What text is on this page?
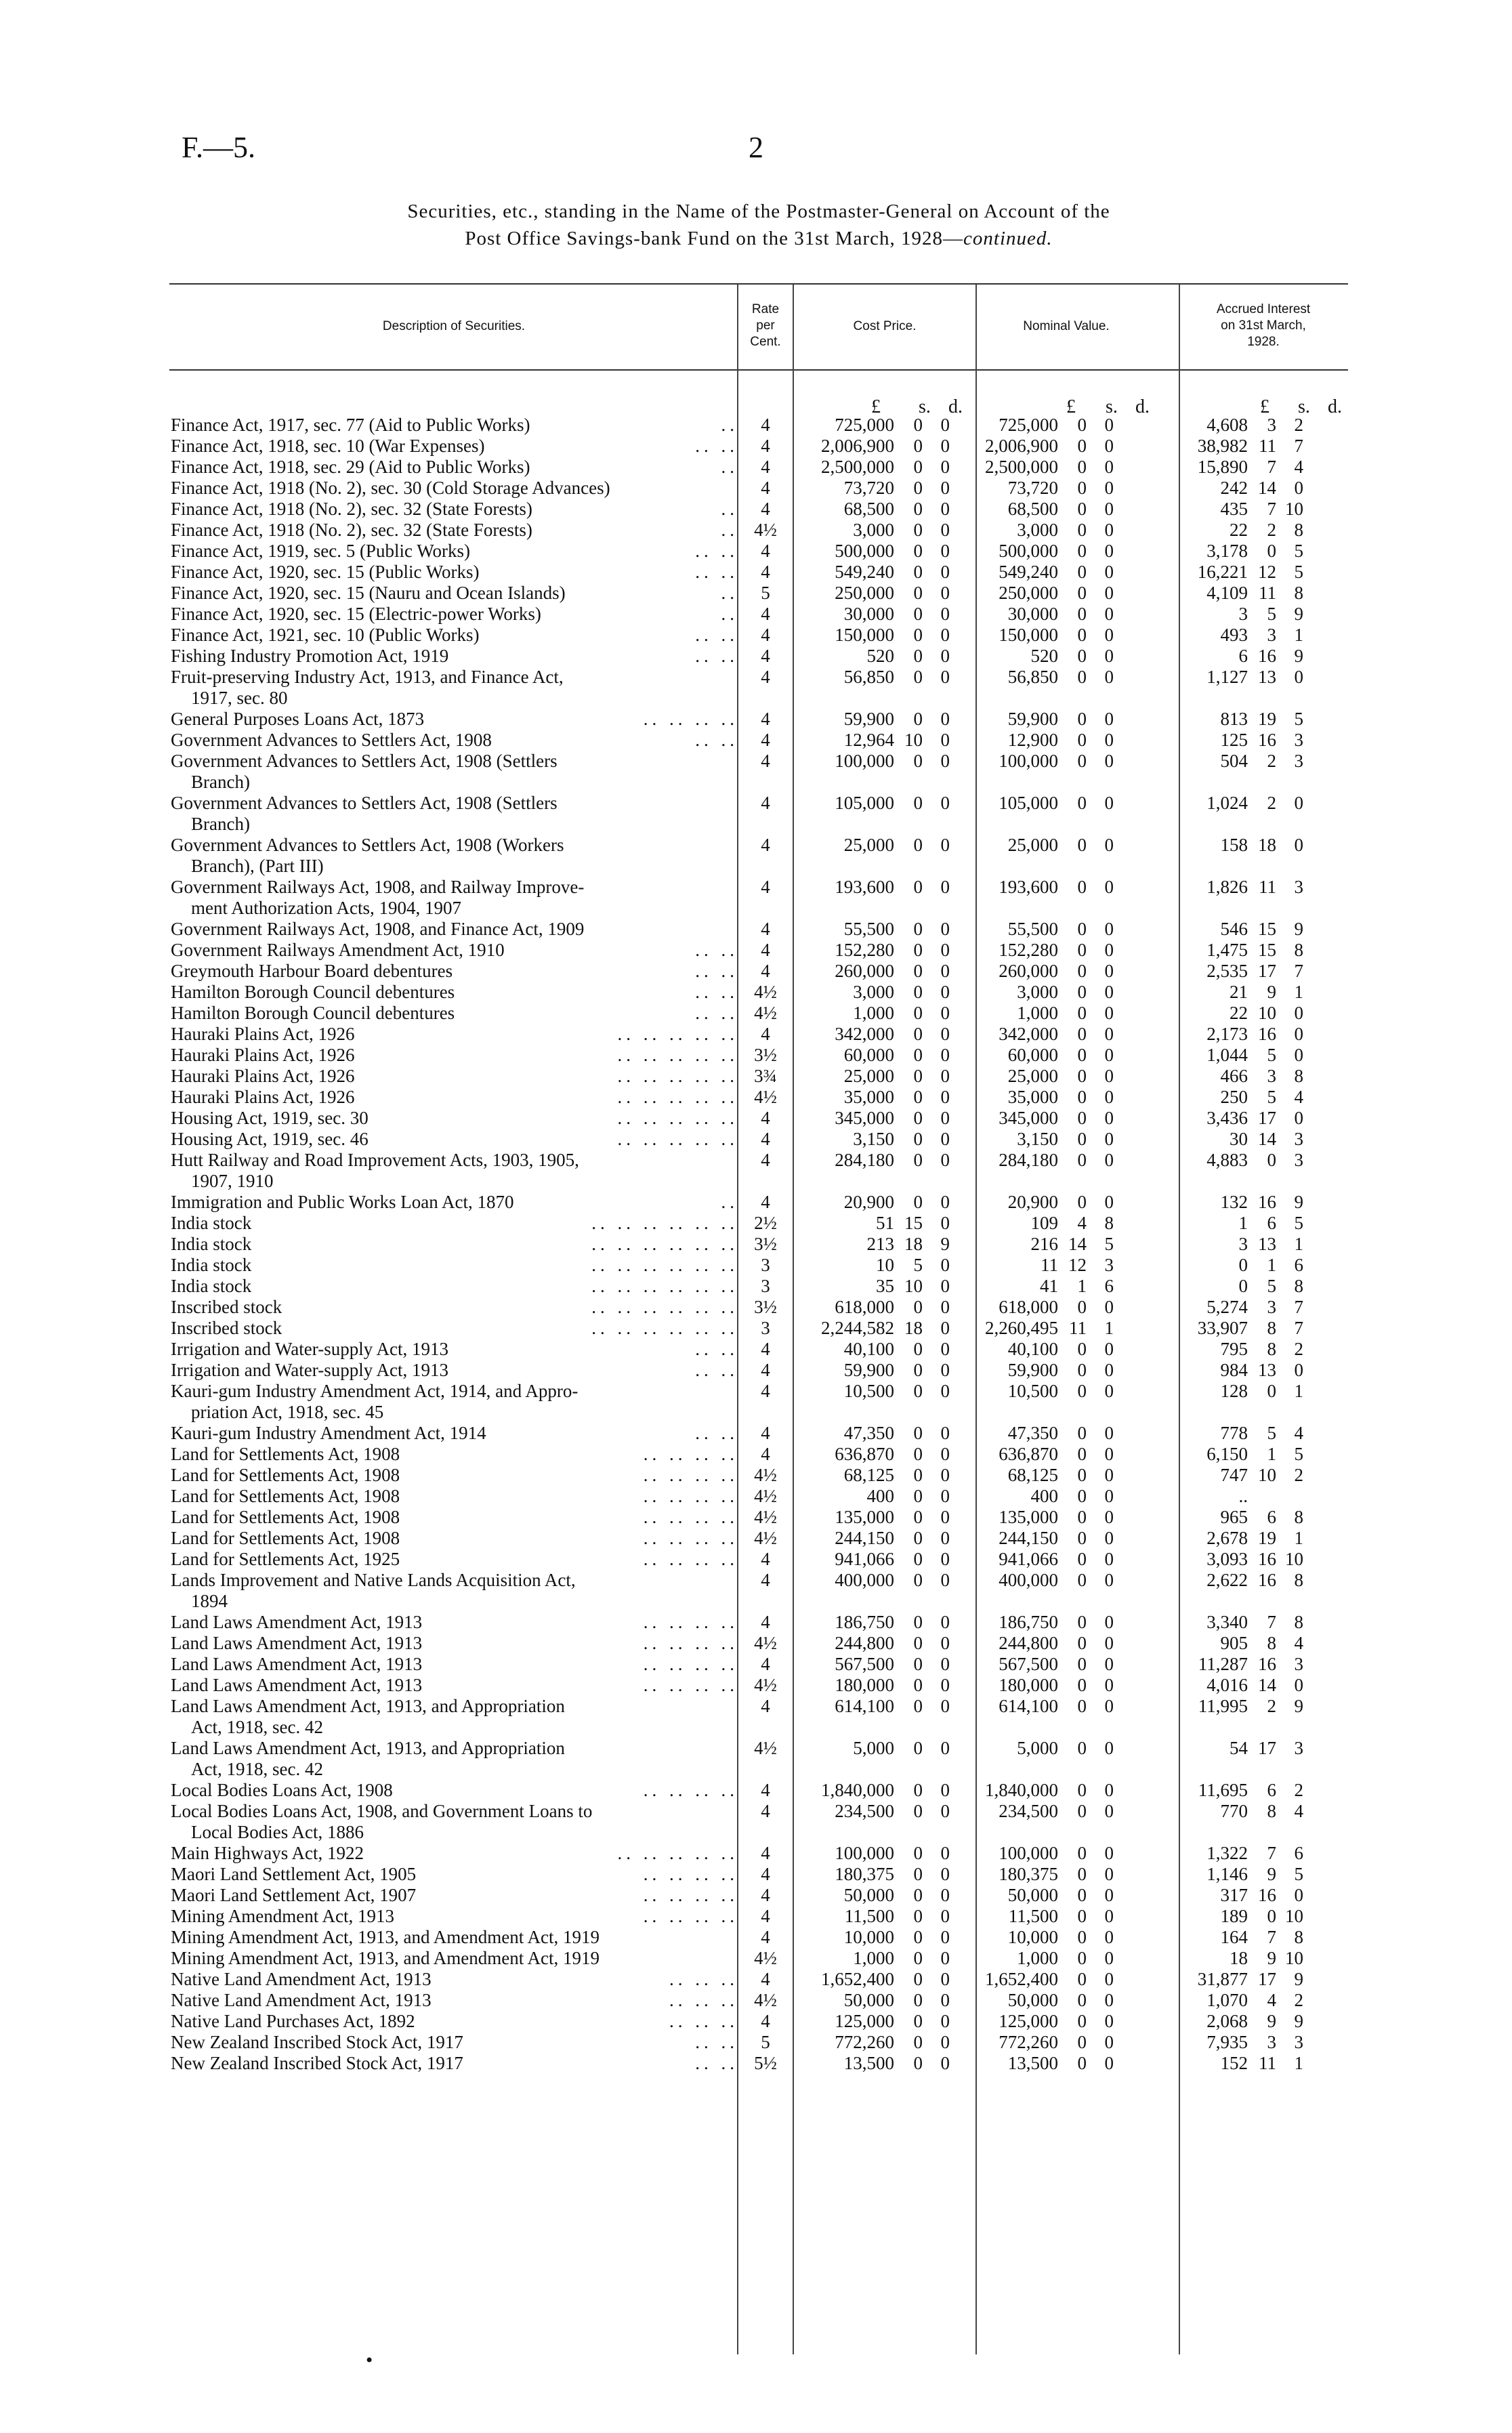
F.—5.	2
Securities, etc., standing in the Name of the Postmaster-General on Account of the
Post Office Savings-bank Fund on the 31st March, 1928—continued.
Description of Securities.
Rate
per
Cent.
Cost Price.	Nominal Value.
Accrued Interest
on 31st March,
1928.
£ s. d.	£ s. d.	£ s. d.
..
Finance Act, 1917, sec. 77 (Aid to Public Works)	4	725,000	0	0	725,000	0	0		4,608	3	2

.. ..
Finance Act, 1918, sec. 10 (War Expenses)	4	2,006,900	0	0	2,006,900	0	0		38,982	11	7

..
Finance Act, 1918, sec. 29 (Aid to Public Works)	4	2,500,000	0	0	2,500,000	0	0		15,890	7	4

Finance Act, 1918 (No. 2), sec. 30 (Cold Storage Advances)	4	73,720	0	0	73,720	0	0		242	14	0

..
Finance Act, 1918 (No. 2), sec. 32 (State Forests)	4	68,500	0	0	68,500	0	0		435	7	10

..
Finance Act, 1918 (No. 2), sec. 32 (State Forests)	4½	3,000	0	0	3,000	0	0		22	2	8

.. ..
Finance Act, 1919, sec. 5 (Public Works)	4	500,000	0	0	500,000	0	0		3,178	0	5

.. ..
Finance Act, 1920, sec. 15 (Public Works)	4	549,240	0	0	549,240	0	0		16,221	12	5

..
Finance Act, 1920, sec. 15 (Nauru and Ocean Islands)	5	250,000	0	0	250,000	0	0		4,109	11	8

..
Finance Act, 1920, sec. 15 (Electric-power Works)	4	30,000	0	0	30,000	0	0		3	5	9

.. ..
Finance Act, 1921, sec. 10 (Public Works)	4	150,000	0	0	150,000	0	0		493	3	1

.. ..
Fishing Industry Promotion Act, 1919	4	520	0	0	520	0	0		6	16	9

Fruit-preserving Industry Act, 1913, and Finance Act,
1917, sec. 80	4	56,850	0	0	56,850	0	0		1,127	13	0

.. .. .. ..
General Purposes Loans Act, 1873	4	59,900	0	0	59,900	0	0		813	19	5

.. ..
Government Advances to Settlers Act, 1908	4	12,964	10	0	12,900	0	0		125	16	3

Government Advances to Settlers Act, 1908 (Settlers
Branch)	4	100,000	0	0	100,000	0	0		504	2	3

Government Advances to Settlers Act, 1908 (Settlers
Branch)	4	105,000	0	0	105,000	0	0		1,024	2	0

Government Advances to Settlers Act, 1908 (Workers
Branch), (Part III)	4	25,000	0	0	25,000	0	0		158	18	0

Government Railways Act, 1908, and Railway Improve-
ment Authorization Acts, 1904, 1907	4	193,600	0	0	193,600	0	0		1,826	11	3

Government Railways Act, 1908, and Finance Act, 1909	4	55,500	0	0	55,500	0	0		546	15	9

.. ..
Government Railways Amendment Act, 1910	4	152,280	0	0	152,280	0	0		1,475	15	8

.. ..
Greymouth Harbour Board debentures	4	260,000	0	0	260,000	0	0		2,535	17	7

.. ..
Hamilton Borough Council debentures	4½	3,000	0	0	3,000	0	0		21	9	1

.. ..
Hamilton Borough Council debentures	4½	1,000	0	0	1,000	0	0		22	10	0

.. .. .. .. ..
Hauraki Plains Act, 1926	4	342,000	0	0	342,000	0	0		2,173	16	0

.. .. .. .. ..
Hauraki Plains Act, 1926	3½	60,000	0	0	60,000	0	0		1,044	5	0

.. .. .. .. ..
Hauraki Plains Act, 1926	3¾	25,000	0	0	25,000	0	0		466	3	8

.. .. .. .. ..
Hauraki Plains Act, 1926	4½	35,000	0	0	35,000	0	0		250	5	4

.. .. .. .. ..
Housing Act, 1919, sec. 30	4	345,000	0	0	345,000	0	0		3,436	17	0

.. .. .. .. ..
Housing Act, 1919, sec. 46	4	3,150	0	0	3,150	0	0		30	14	3

Hutt Railway and Road Improvement Acts, 1903, 1905,
1907, 1910	4	284,180	0	0	284,180	0	0		4,883	0	3

..
Immigration and Public Works Loan Act, 1870	4	20,900	0	0	20,900	0	0		132	16	9

.. .. .. .. .. ..
India stock	2½	51	15	0	109	4	8		1	6	5

.. .. .. .. .. ..
India stock	3½	213	18	9	216	14	5		3	13	1

.. .. .. .. .. ..
India stock	3	10	5	0	11	12	3		0	1	6

.. .. .. .. .. ..
India stock	3	35	10	0	41	1	6		0	5	8

.. .. .. .. .. ..
Inscribed stock	3½	618,000	0	0	618,000	0	0		5,274	3	7

.. .. .. .. .. ..
Inscribed stock	3	2,244,582	18	0	2,260,495	11	1		33,907	8	7

.. ..
Irrigation and Water-supply Act, 1913	4	40,100	0	0	40,100	0	0		795	8	2

.. ..
Irrigation and Water-supply Act, 1913	4	59,900	0	0	59,900	0	0		984	13	0

Kauri-gum Industry Amendment Act, 1914, and Appro-
priation Act, 1918, sec. 45	4	10,500	0	0	10,500	0	0		128	0	1

.. ..
Kauri-gum Industry Amendment Act, 1914	4	47,350	0	0	47,350	0	0		778	5	4

.. .. .. ..
Land for Settlements Act, 1908	4	636,870	0	0	636,870	0	0		6,150	1	5

.. .. .. ..
Land for Settlements Act, 1908	4½	68,125	0	0	68,125	0	0		747	10	2

.. .. .. ..
Land for Settlements Act, 1908	4½	400	0	0	400	0	0		..		

.. .. .. ..
Land for Settlements Act, 1908	4½	135,000	0	0	135,000	0	0		965	6	8

.. .. .. ..
Land for Settlements Act, 1908	4½	244,150	0	0	244,150	0	0		2,678	19	1

.. .. .. ..
Land for Settlements Act, 1925	4	941,066	0	0	941,066	0	0		3,093	16	10

Lands Improvement and Native Lands Acquisition Act,
1894	4	400,000	0	0	400,000	0	0		2,622	16	8

.. .. .. ..
Land Laws Amendment Act, 1913	4	186,750	0	0	186,750	0	0		3,340	7	8

.. .. .. ..
Land Laws Amendment Act, 1913	4½	244,800	0	0	244,800	0	0		905	8	4

.. .. .. ..
Land Laws Amendment Act, 1913	4	567,500	0	0	567,500	0	0		11,287	16	3

.. .. .. ..
Land Laws Amendment Act, 1913	4½	180,000	0	0	180,000	0	0		4,016	14	0

Land Laws Amendment Act, 1913, and Appropriation
Act, 1918, sec. 42	4	614,100	0	0	614,100	0	0		11,995	2	9

Land Laws Amendment Act, 1913, and Appropriation
Act, 1918, sec. 42	4½	5,000	0	0	5,000	0	0		54	17	3

.. .. .. ..
Local Bodies Loans Act, 1908	4	1,840,000	0	0	1,840,000	0	0		11,695	6	2

Local Bodies Loans Act, 1908, and Government Loans to
Local Bodies Act, 1886	4	234,500	0	0	234,500	0	0		770	8	4

.. .. .. .. ..
Main Highways Act, 1922	4	100,000	0	0	100,000	0	0		1,322	7	6

.. .. .. ..
Maori Land Settlement Act, 1905	4	180,375	0	0	180,375	0	0		1,146	9	5

.. .. .. ..
Maori Land Settlement Act, 1907	4	50,000	0	0	50,000	0	0		317	16	0

.. .. .. ..
Mining Amendment Act, 1913	4	11,500	0	0	11,500	0	0		189	0	10

Mining Amendment Act, 1913, and Amendment Act, 1919	4	10,000	0	0	10,000	0	0		164	7	8

Mining Amendment Act, 1913, and Amendment Act, 1919	4½	1,000	0	0	1,000	0	0		18	9	10

.. .. ..
Native Land Amendment Act, 1913	4	1,652,400	0	0	1,652,400	0	0		31,877	17	9

.. .. ..
Native Land Amendment Act, 1913	4½	50,000	0	0	50,000	0	0		1,070	4	2

.. .. ..
Native Land Purchases Act, 1892	4	125,000	0	0	125,000	0	0		2,068	9	9

.. ..
New Zealand Inscribed Stock Act, 1917	5	772,260	0	0	772,260	0	0		7,935	3	3

.. ..
New Zealand Inscribed Stock Act, 1917	5½	13,500	0	0	13,500	0	0		152	11	1
•
